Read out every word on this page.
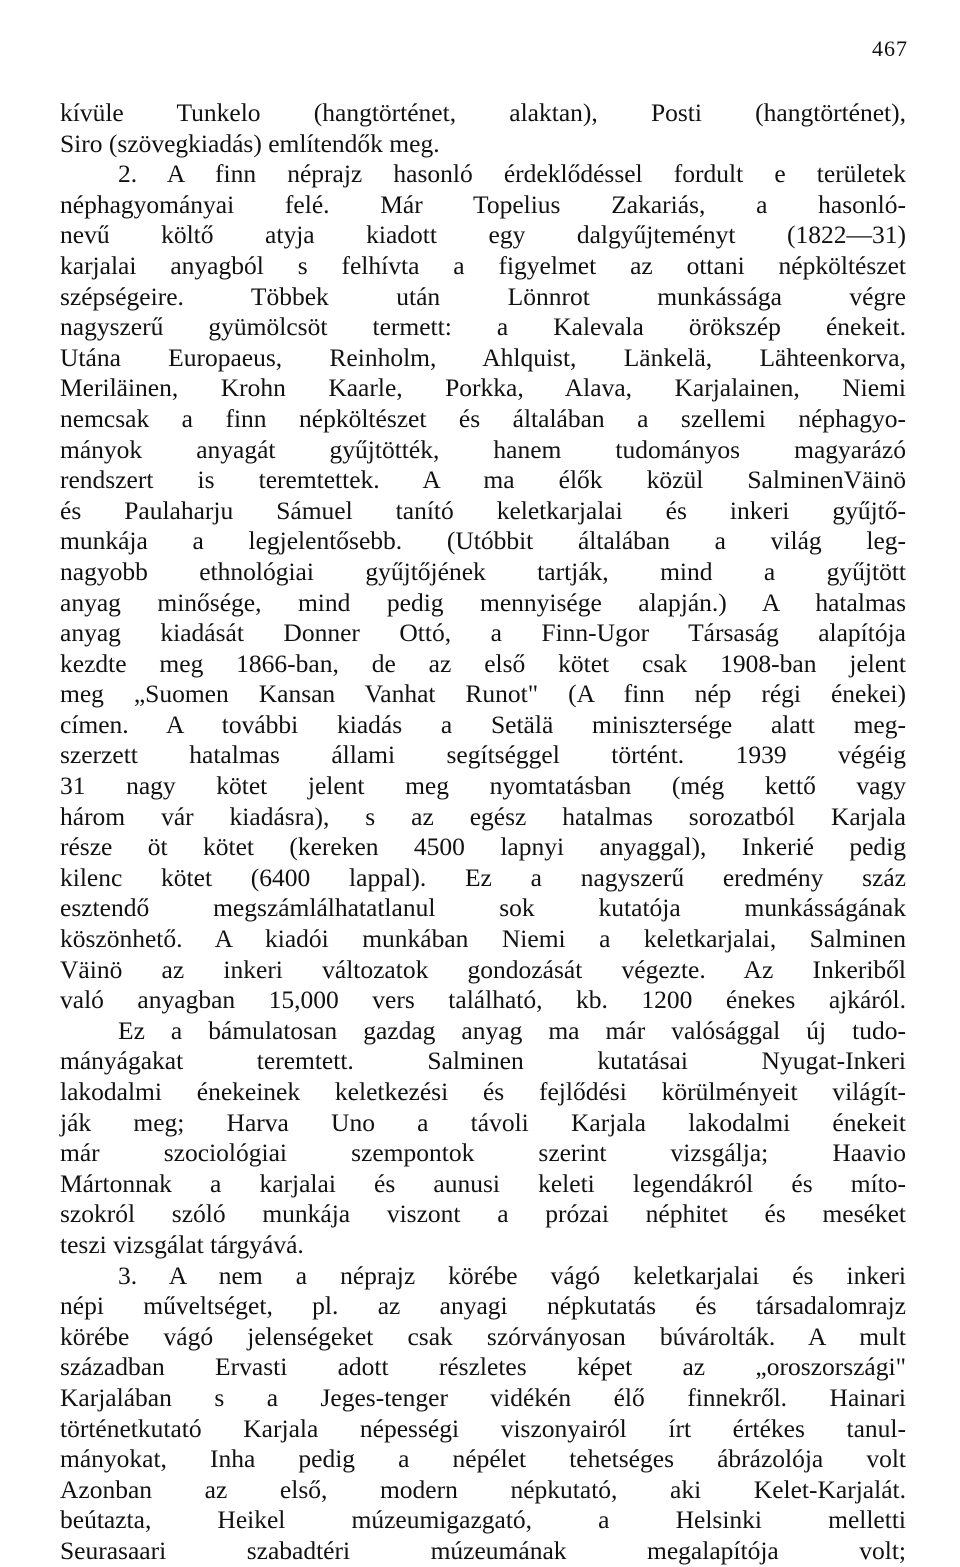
467
kívüle Tunkelo (hangtörténet, alaktan), Posti (hangtörténet),
Siro (szövegkiadás) említendők meg.
2. A finn néprajz hasonló érdeklődéssel fordult e területek
néphagyományai felé. Már Topelius Zakariás, a hasonló-
nevű költő atyja kiadott egy dalgyűjteményt (1822—31)
karjalai anyagból s felhívta a figyelmet az ottani népköltészet
szépségeire. Többek után Lönnrot munkássága végre
nagyszerű gyümölcsöt termett: a Kalevala örökszép énekeit.
Utána Europaeus, Reinholm, Ahlquist, Länkelä, Lähteenkorva,
Meriläinen, Krohn Kaarle, Porkka, Alava, Karjalainen, Niemi
nemcsak a finn népköltészet és általában a szellemi néphagyo-
mányok anyagát gyűjtötték, hanem tudományos magyarázó
rendszert is teremtettek. A ma élők közül SalminenVäinö
és Paulaharju Sámuel tanító keletkarjalai és inkeri gyűjtő-
munkája a legjelentősebb. (Utóbbit általában a világ leg-
nagyobb ethnológiai gyűjtőjének tartják, mind a gyűjtött
anyag minősége, mind pedig mennyisége alapján.) A hatalmas
anyag kiadását Donner Ottó, a Finn-Ugor Társaság alapítója
kezdte meg 1866-ban, de az első kötet csak 1908-ban jelent
meg „Suomen Kansan Vanhat Runot" (A finn nép régi énekei)
címen. A további kiadás a Setälä minisztersége alatt meg-
szerzett hatalmas állami segítséggel történt. 1939 végéig
31 nagy kötet jelent meg nyomtatásban (még kettő vagy
három vár kiadásra), s az egész hatalmas sorozatból Karjala
része öt kötet (kereken 4500 lapnyi anyaggal), Inkerié pedig
kilenc kötet (6400 lappal). Ez a nagyszerű eredmény száz
esztendő megszámlálhatatlanul sok kutatója munkásságának
köszönhető. A kiadói munkában Niemi a keletkarjalai, Salminen
Väinö az inkeri változatok gondozását végezte. Az Inkeriből
való anyagban 15,000 vers található, kb. 1200 énekes ajkáról.
Ez a bámulatosan gazdag anyag ma már valósággal új tudo-
mányágakat teremtett. Salminen kutatásai Nyugat-Inkeri
lakodalmi énekeinek keletkezési és fejlődési körülményeit világít-
ják meg; Harva Uno a távoli Karjala lakodalmi énekeit
már szociológiai szempontok szerint vizsgálja; Haavio
Mártonnak a karjalai és aunusi keleti legendákról és míto-
szokról szóló munkája viszont a prózai néphitet és meséket
teszi vizsgálat tárgyává.
3. A nem a néprajz körébe vágó keletkarjalai és inkeri
népi műveltséget, pl. az anyagi népkutatás és társadalomrajz
körébe vágó jelenségeket csak szórványosan búvárolták. A mult
században Ervasti adott részletes képet az „oroszországi"
Karjalában s a Jeges-tenger vidékén élő finnekről. Hainari
történetkutató Karjala népességi viszonyairól írt értékes tanul-
mányokat, Inha pedig a népélet tehetséges ábrázolója volt
Azonban az első, modern népkutató, aki Kelet-Karjalát.
beútazta, Heikel múzeumigazgató, a Helsinki melletti
Seurasaari szabadtéri múzeumának megalapítója volt;
